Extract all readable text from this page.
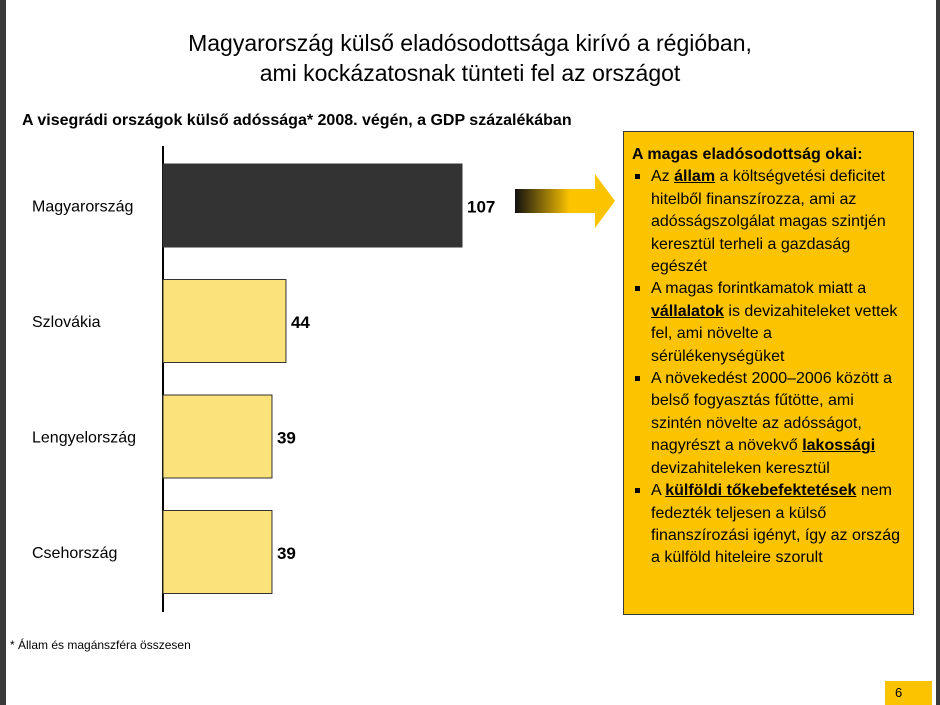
Magyarország külső eladósodottsága kirívó a régióban,
ami kockázatosnak tünteti fel az országot
A visegrádi országok külső adóssága* 2008. végén, a GDP százalékában
Magyarország	107
Szlovákia	44
Lengyelország	39
Csehország	39
A magas eladósodottság okai:
Az állam a költségvetési deficitet hitelből finanszírozza, ami az adósságszolgálat magas szintjén keresztül terheli a gazdaság egészét
A magas forintkamatok miatt a vállalatok is devizahiteleket vettek fel, ami növelte a sérülékenységüket
A növekedést 2000–2006 között a belső fogyasztás fűtötte, ami szintén növelte az adósságot, nagyrészt a növekvő lakossági devizahiteleken keresztül
A külföldi tőkebefektetések nem fedezték teljesen a külső finanszírozási igényt, így az ország a külföld hiteleire szorult
* Állam és magánszféra összesen
6
